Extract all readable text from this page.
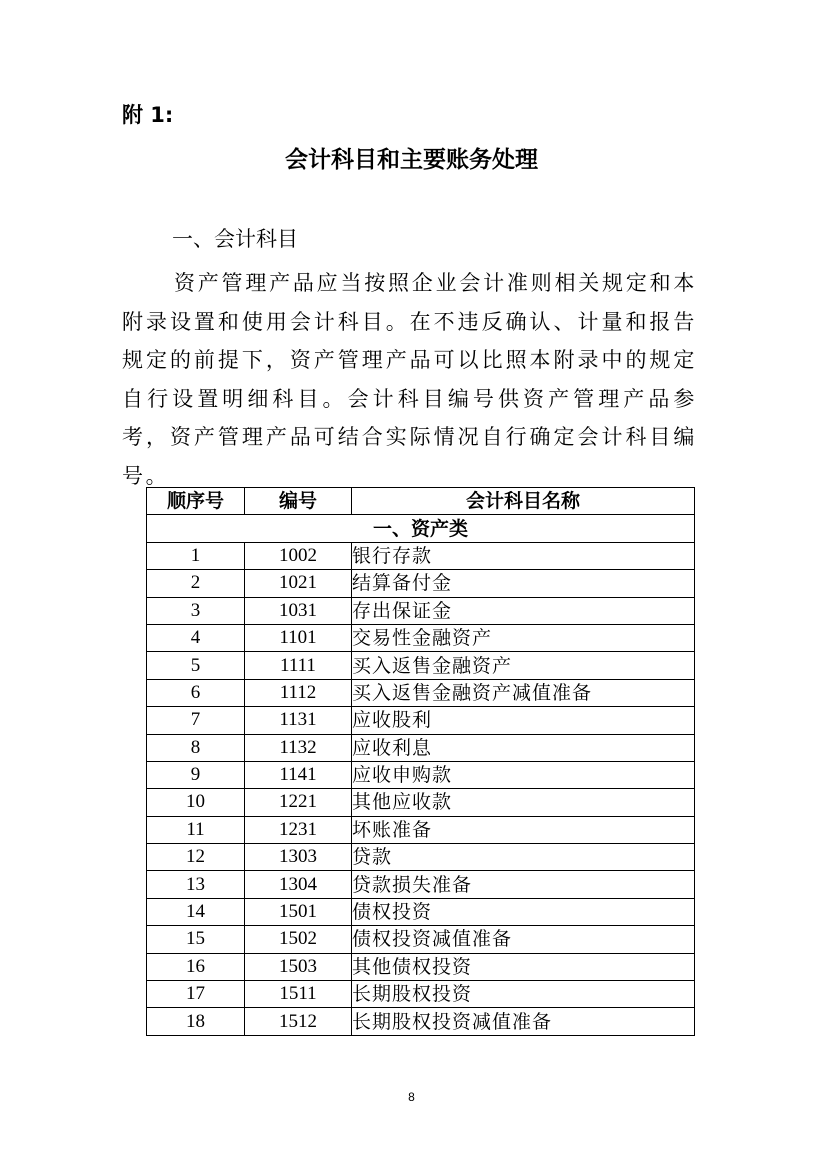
附 1:
会计科目和主要账务处理
一、会计科目

资产管理产品应当按照企业会计准则相关规定和本附录设置和使用会计科目。在不违反确认、计量和报告规定的前提下，资产管理产品可以比照本附录中的规定自行设置明细科目。会计科目编号供资产管理产品参考，资产管理产品可结合实际情况自行确定会计科目编号。

顺序号	编号	会计科目名称
一、资产类		
1	1002	银行存款
2	1021	结算备付金
3	1031	存出保证金
4	1101	交易性金融资产
5	1111	买入返售金融资产
6	1112	买入返售金融资产减值准备
7	1131	应收股利
8	1132	应收利息
9	1141	应收申购款
10	1221	其他应收款
11	1231	坏账准备
12	1303	贷款
13	1304	贷款损失准备
14	1501	债权投资
15	1502	债权投资减值准备
16	1503	其他债权投资
17	1511	长期股权投资
18	1512	长期股权投资减值准备
8
